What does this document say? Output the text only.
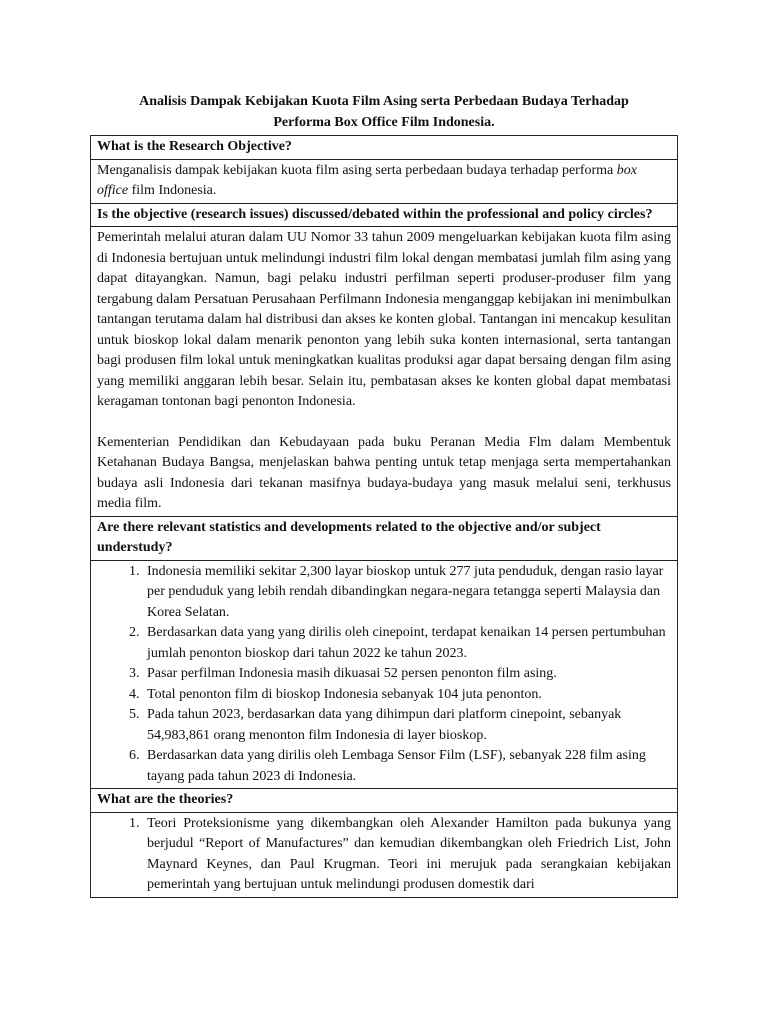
Analisis Dampak Kebijakan Kuota Film Asing serta Perbedaan Budaya Terhadap
Performa Box Office Film Indonesia.
What is the Research Objective?
Menganalisis dampak kebijakan kuota film asing serta perbedaan budaya terhadap performa box office film Indonesia.
Is the objective (research issues) discussed/debated within the professional and policy circles?

Pemerintah melalui aturan dalam UU Nomor 33 tahun 2009 mengeluarkan kebijakan kuota film asing di Indonesia bertujuan untuk melindungi industri film lokal dengan membatasi jumlah film asing yang dapat ditayangkan. Namun, bagi pelaku industri perfilman seperti produser-produser film yang tergabung dalam Persatuan Perusahaan Perfilmann Indonesia menganggap kebijakan ini menimbulkan tantangan terutama dalam hal distribusi dan akses ke konten global. Tantangan ini mencakup kesulitan untuk bioskop lokal dalam menarik penonton yang lebih suka konten internasional, serta tantangan bagi produsen film lokal untuk meningkatkan kualitas produksi agar dapat bersaing dengan film asing yang memiliki anggaran lebih besar. Selain itu, pembatasan akses ke konten global dapat membatasi keragaman tontonan bagi penonton Indonesia.
Kementerian Pendidikan dan Kebudayaan pada buku Peranan Media Flm dalam Membentuk Ketahanan Budaya Bangsa, menjelaskan bahwa penting untuk tetap menjaga serta mempertahankan budaya asli Indonesia dari tekanan masifnya budaya-budaya yang masuk melalui seni, terkhusus media film.

Are there relevant statistics and developments related to the objective and/or subject understudy?

1. Indonesia memiliki sekitar 2,300 layar bioskop untuk 277 juta penduduk, dengan rasio layar per penduduk yang lebih rendah dibandingkan negara-negara tetangga seperti Malaysia dan Korea Selatan.
2. Berdasarkan data yang yang dirilis oleh cinepoint, terdapat kenaikan 14 persen pertumbuhan jumlah penonton bioskop dari tahun 2022 ke tahun 2023.
3. Pasar perfilman Indonesia masih dikuasai 52 persen penonton film asing.
4. Total penonton film di bioskop Indonesia sebanyak 104 juta penonton.
5. Pada tahun 2023, berdasarkan data yang dihimpun dari platform cinepoint, sebanyak 54,983,861 orang menonton film Indonesia di layer bioskop.
6. Berdasarkan data yang dirilis oleh Lembaga Sensor Film (LSF), sebanyak 228 film asing tayang pada tahun 2023 di Indonesia.

What are the theories?

1. Teori Proteksionisme yang dikembangkan oleh Alexander Hamilton pada bukunya yang berjudul “Report of Manufactures” dan kemudian dikembangkan oleh Friedrich List, John Maynard Keynes, dan Paul Krugman. Teori ini merujuk pada serangkaian kebijakan pemerintah yang bertujuan untuk melindungi produsen domestik dari
